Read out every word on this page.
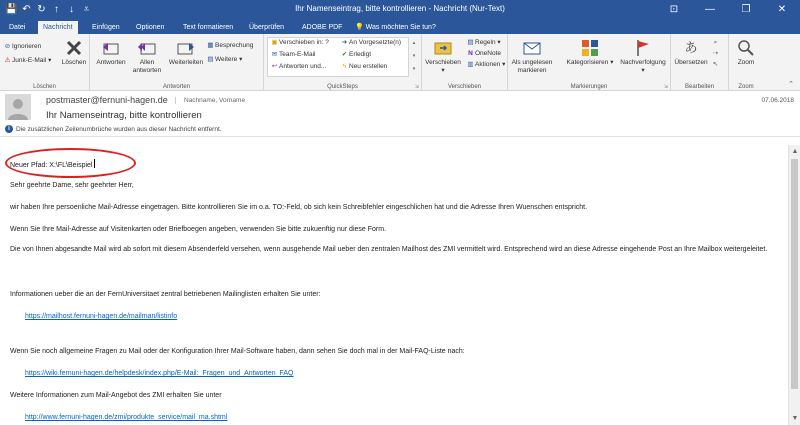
💾 ↶ ↻ ↑	↓ ⩡	Ihr Namenseintrag, bitte kontrollieren - Nachricht (Nur-Text)	⊡	—	❐	✕
Datei	Nachricht	Einfügen	Optionen	Text formatieren	Überprüfen	ADOBE PDF	💡 Was möchten Sie tun?
⊘ Ignorieren
⚠ Junk-E-Mail ▾ Löschen
Löschen
Antworten	Allen
antworten
Weiterleiten
▦Besprechung
▤Weitere ▾
Antworten
▣Verschieben in: ?
✉ Team-E-Mail
↩ Antworten und...
➜ An Vorgesetzte(n)
✔ Erledigt
ϟ Neu erstellen
▴
▾
▾
QuickSteps	⇲
Verschieben ▾
▤Regeln ▾
N OneNote
▥Aktionen ▾
Verschieben
Als ungelesen
markieren
Kategorisieren ▾	Nachverfolgung ▾
Markierungen	⇲
あ
Übersetzen
⌕
⇢
↖
Bearbeiten
Zoom
Zoom	⌃
postmaster@fernuni-hagen.de	Nachname, Vorname	07.06.2018
Ihr Namenseintrag, bitte kontrollieren
i Die zusätzlichen Zeilenumbrüche wurden aus dieser Nachricht entfernt.
Neuer Pfad: X:\FL\Beispiel
Sehr geehrte Dame, sehr geehrter Herr,
wir haben Ihre persoenliche Mail-Adresse eingetragen. Bitte kontrollieren Sie im o.a. TO:-Feld, ob sich kein Schreibfehler eingeschlichen hat und die Adresse Ihren Wuenschen entspricht.
Wenn Sie Ihre Mail-Adresse auf Visitenkarten oder Briefboegen angeben, verwenden Sie bitte zukuenftig nur diese Form.
Die von Ihnen abgesandte Mail wird ab sofort mit diesem Absenderfeld versehen, wenn ausgehende Mail ueber den zentralen Mailhost des ZMI vermittelt wird. Entsprechend wird an diese Adresse eingehende Post an Ihre Mailbox weitergeleitet.
Informationen ueber die an der FernUniversitaet zentral betriebenen Mailinglisten erhalten Sie unter:
https://mailhost.fernuni-hagen.de/mailman/listinfo
Wenn Sie noch allgemeine Fragen zu Mail oder der Konfiguration Ihrer Mail-Software haben, dann sehen Sie doch mal in der Mail-FAQ-Liste nach:
https://wiki.fernuni-hagen.de/helpdesk/index.php/E-Mail:_Fragen_und_Antworten_FAQ
Weitere Informationen zum Mail-Angebot des ZMI erhalten Sie unter
http://www.fernuni-hagen.de/zmi/produkte_service/mail_ma.shtml
▲
▼
